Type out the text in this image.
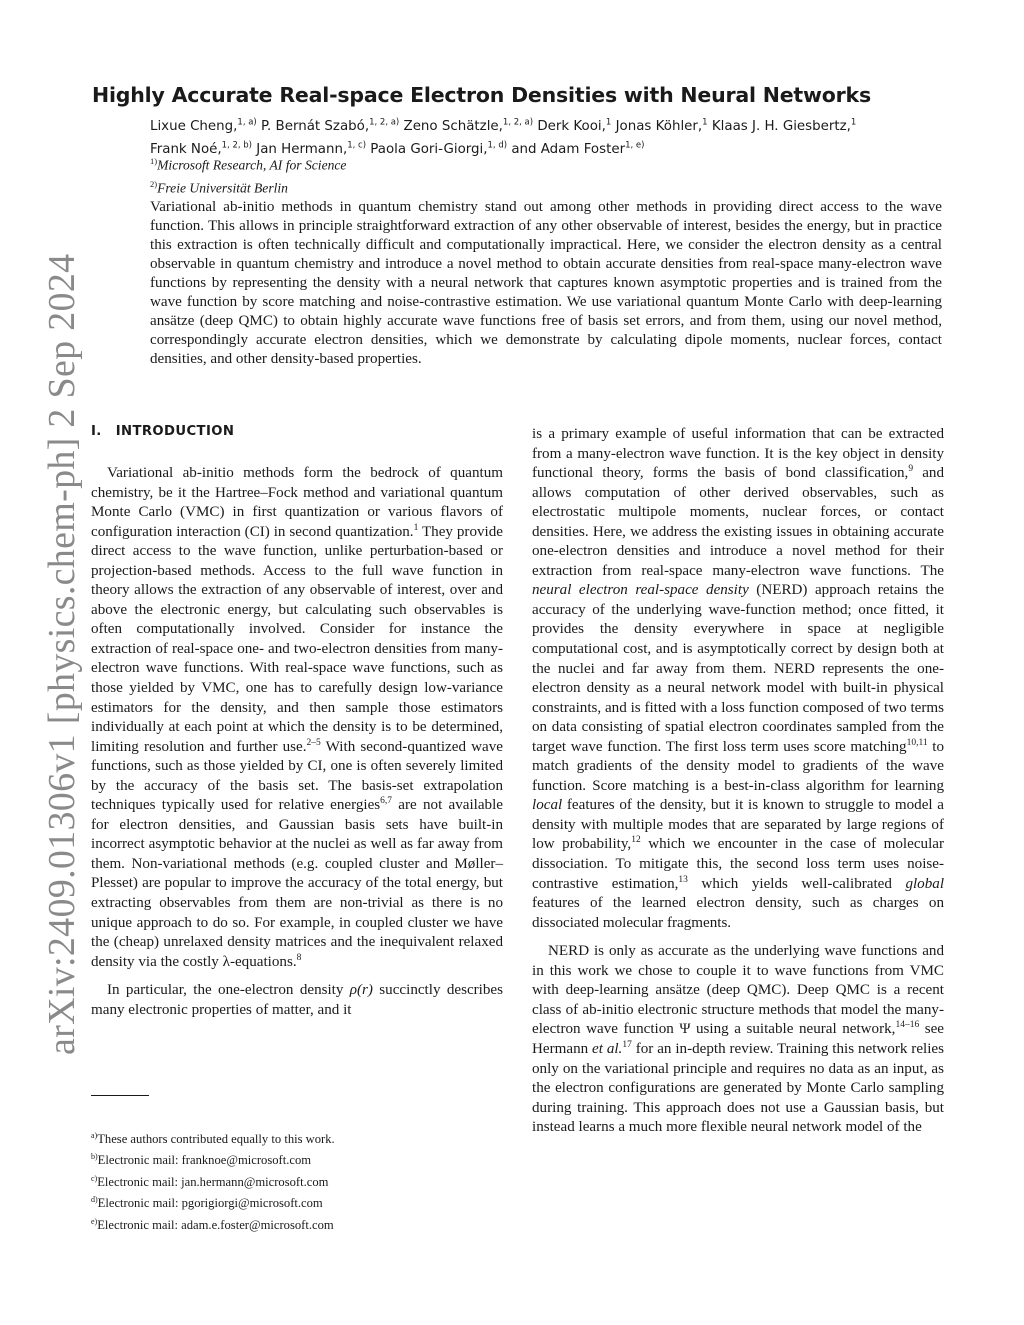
arXiv:2409.01306v1 [physics.chem-ph] 2 Sep 2024
Highly Accurate Real-space Electron Densities with Neural Networks
Lixue Cheng,$^{1, a)}$ P. Bernát Szabó,$^{1, 2, a)}$ Zeno Schätzle,$^{1, 2, a)}$ Derk Kooi,$^1$ Jonas Köhler,$^1$ Klaas J. H. Giesbertz,$^1$
Frank Noé,$^{1, 2, b)}$ Jan Hermann,$^{1, c)}$ Paola Gori-Giorgi,$^{1, d)}$ and Adam Foster$^{1, e)}$
$^{1)}$Microsoft Research, AI for Science
$^{2)}$Freie Universität Berlin

Variational ab-initio methods in quantum chemistry stand out among other methods in providing direct access to the wave function. This allows in principle straightforward extraction of any other observable of interest, besides the energy, but in practice this extraction is often technically difficult and computationally impractical. Here, we consider the electron density as a central observable in quantum chemistry and introduce a novel method to obtain accurate densities from real-space many-electron wave functions by representing the density with a neural network that captures known asymptotic properties and is trained from the wave function by score matching and noise-contrastive estimation. We use variational quantum Monte Carlo with deep-learning ansätze (deep QMC) to obtain highly accurate wave functions free of basis set errors, and from them, using our novel method, correspondingly accurate electron densities, which we demonstrate by calculating dipole moments, nuclear forces, contact densities, and other density-based properties.

I. INTRODUCTION

Variational ab-initio methods form the bedrock of quantum chemistry, be it the Hartree–Fock method and variational quantum Monte Carlo (VMC) in first quantization or various flavors of configuration interaction (CI) in second quantization.$^1$ They provide direct access to the wave function, unlike perturbation-based or projection-based methods. Access to the full wave function in theory allows the extraction of any observable of interest, over and above the electronic energy, but calculating such observables is often computationally involved. Consider for instance the extraction of real-space one- and two-electron densities from many-electron wave functions. With real-space wave functions, such as those yielded by VMC, one has to carefully design low-variance estimators for the density, and then sample those estimators individually at each point at which the density is to be determined, limiting resolution and further use.$^{2-5}$ With second-quantized wave functions, such as those yielded by CI, one is often severely limited by the accuracy of the basis set. The basis-set extrapolation techniques typically used for relative energies$^{6,7}$ are not available for electron densities, and Gaussian basis sets have built-in incorrect asymptotic behavior at the nuclei as well as far away from them. Non-variational methods (e.g. coupled cluster and Møller–Plesset) are popular to improve the accuracy of the total energy, but extracting observables from them are non-trivial as there is no unique approach to do so. For example, in coupled cluster we have the (cheap) unrelaxed density matrices and the inequivalent relaxed density via the costly λ-equations.$^8$

In particular, the one-electron density ρ(r) succinctly describes many electronic properties of matter, and it

is a primary example of useful information that can be extracted from a many-electron wave function. It is the key object in density functional theory, forms the basis of bond classification,$^9$ and allows computation of other derived observables, such as electrostatic multipole moments, nuclear forces, or contact densities. Here, we address the existing issues in obtaining accurate one-electron densities and introduce a novel method for their extraction from real-space many-electron wave functions. The neural electron real-space density (NERD) approach retains the accuracy of the underlying wave-function method; once fitted, it provides the density everywhere in space at negligible computational cost, and is asymptotically correct by design both at the nuclei and far away from them. NERD represents the one-electron density as a neural network model with built-in physical constraints, and is fitted with a loss function composed of two terms on data consisting of spatial electron coordinates sampled from the target wave function. The first loss term uses score matching$^{10,11}$ to match gradients of the density model to gradients of the wave function. Score matching is a best-in-class algorithm for learning local features of the density, but it is known to struggle to model a density with multiple modes that are separated by large regions of low probability,$^{12}$ which we encounter in the case of molecular dissociation. To mitigate this, the second loss term uses noise-contrastive estimation,$^{13}$ which yields well-calibrated global features of the learned electron density, such as charges on dissociated molecular fragments.

NERD is only as accurate as the underlying wave functions and in this work we chose to couple it to wave functions from VMC with deep-learning ansätze (deep QMC). Deep QMC is a recent class of ab-initio electronic structure methods that model the many-electron wave function Ψ using a suitable neural network,$^{14-16}$ see Hermann et al.$^{17}$ for an in-depth review. Training this network relies only on the variational principle and requires no data as an input, as the electron configurations are generated by Monte Carlo sampling during training. This approach does not use a Gaussian basis, but instead learns a much more flexible neural network model of the

$^{a)}$These authors contributed equally to this work.
$^{b)}$Electronic mail: franknoe@microsoft.com
$^{c)}$Electronic mail: jan.hermann@microsoft.com
$^{d)}$Electronic mail: pgorigiorgi@microsoft.com
$^{e)}$Electronic mail: adam.e.foster@microsoft.com
